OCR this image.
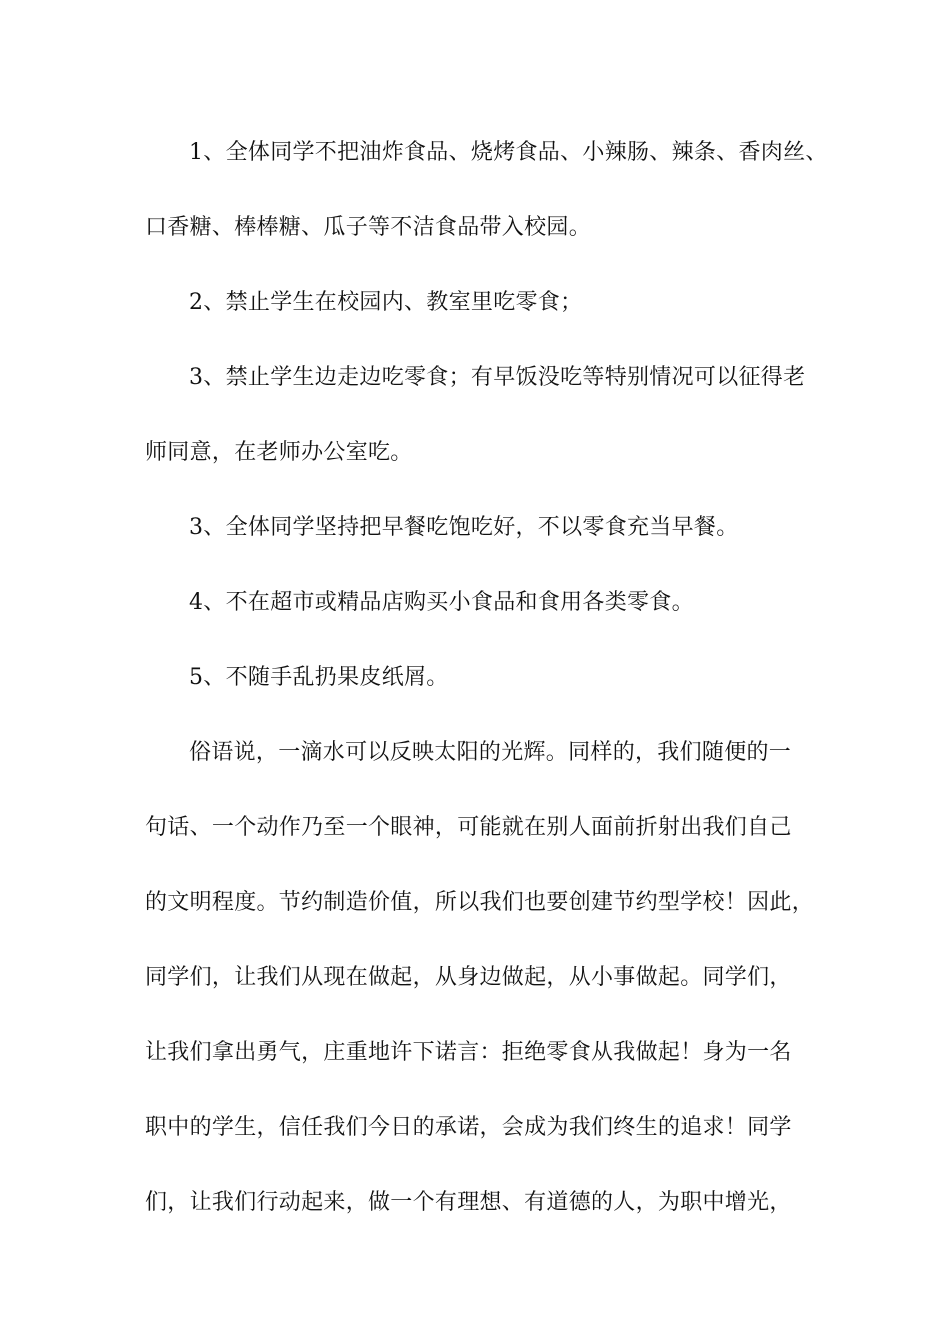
1、全体同学不把油炸食品、烧烤食品、小辣肠、辣条、香肉丝、
口香糖、棒棒糖、瓜子等不洁食品带入校园。
2、禁止学生在校园内、教室里吃零食；
3、禁止学生边走边吃零食；有早饭没吃等特别情况可以征得老
师同意，在老师办公室吃。
3、全体同学坚持把早餐吃饱吃好，不以零食充当早餐。
4、不在超市或精品店购买小食品和食用各类零食。
5、不随手乱扔果皮纸屑。
俗语说，一滴水可以反映太阳的光辉。同样的，我们随便的一
句话、一个动作乃至一个眼神，可能就在别人面前折射出我们自己
的文明程度。节约制造价值，所以我们也要创建节约型学校！因此，
同学们，让我们从现在做起，从身边做起，从小事做起。同学们，
让我们拿出勇气，庄重地许下诺言：拒绝零食从我做起！身为一名
职中的学生，信任我们今日的承诺，会成为我们终生的追求！同学
们，让我们行动起来，做一个有理想、有道德的人，为职中增光，
